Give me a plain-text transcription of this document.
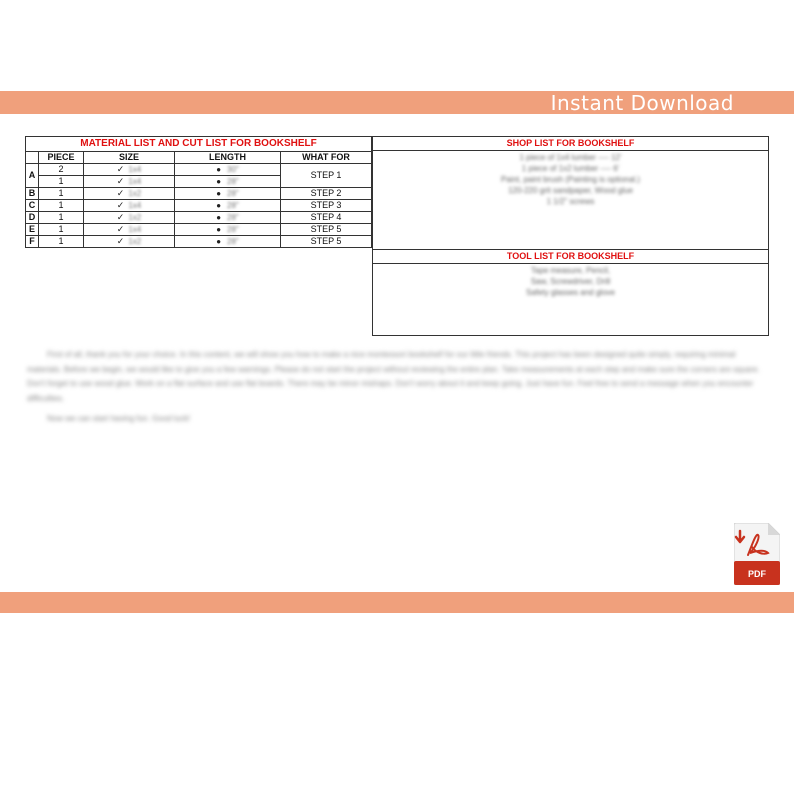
Instant Download
MATERIAL LIST AND CUT LIST FOR BOOKSHELF				
	PIECE	SIZE	LENGTH	WHAT FOR
A	2	✓ 1x4	● 30"	STEP 1
	1	✓ 1x4	● 28"	

B	1	✓ 1x2	● 28"	STEP 2
C	1	✓ 1x4	● 28"	STEP 3
D	1	✓ 1x2	● 28"	STEP 4
E	1	✓ 1x4	● 28"	STEP 5
F	1	✓ 1x2	● 28"	STEP 5
SHOP LIST FOR BOOKSHELF
1 piece of 1x4 lumber ---- 12'
1 piece of 1x2 lumber ---- 6'
Paint, paint brush (Painting is optional.)
120-220 grit sandpaper, Wood glue
1 1/2" screws
TOOL LIST FOR BOOKSHELF
Tape measure, Pencil,
Saw, Screwdriver, Drill
Safety glasses and glove

First of all, thank you for your choice. In this content, we will show you how to make a nice montessori bookshelf for our little friends. This project has been designed quite simply, requiring minimal materials. Before we begin, we would like to give you a few warnings. Please do not start the project without reviewing the entire plan. Take measurements at each step and make sure the corners are square. Don't forget to use wood glue. Work on a flat surface and use flat boards. There may be minor mishaps. Don't worry about it and keep going. Just have fun. Feel free to send a message when you encounter difficulties.

Now we can start having fun. Good luck!

PDF
